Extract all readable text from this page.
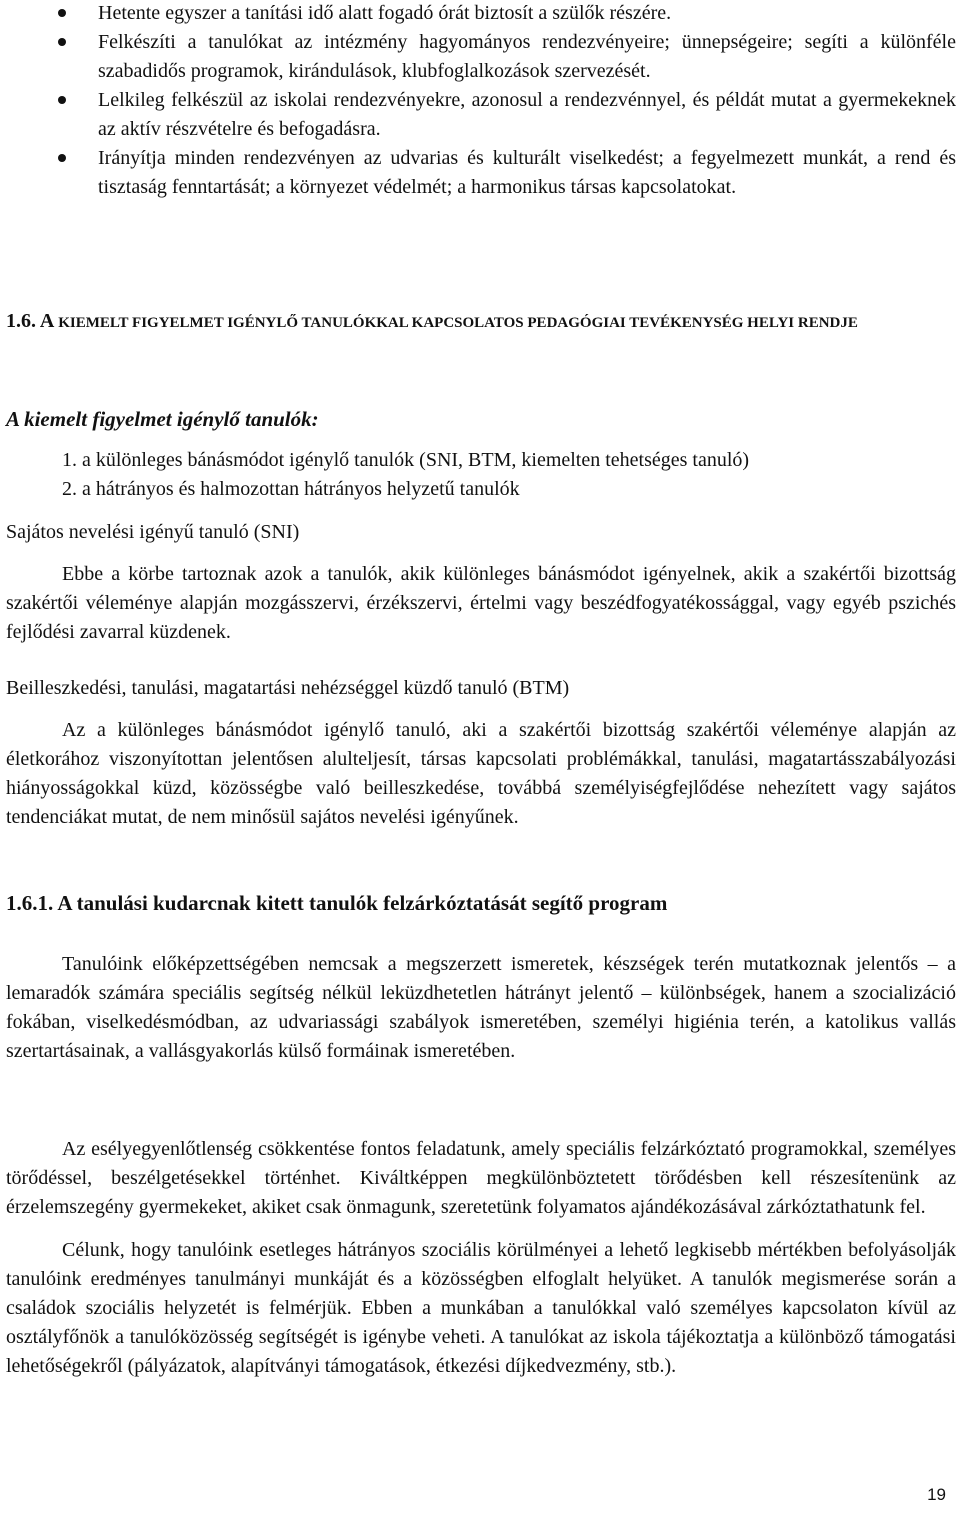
Hetente egyszer a tanítási idő alatt fogadó órát biztosít a szülők részére.

Felkészíti a tanulókat az intézmény hagyományos rendezvényeire; ünnepségeire; segíti a különféle szabadidős programok, kirándulások, klubfoglalkozások szervezését.

Lelkileg felkészül az iskolai rendezvényekre, azonosul a rendezvénnyel, és példát mutat a gyermekeknek az aktív részvételre és befogadásra.

Irányítja minden rendezvényen az udvarias és kulturált viselkedést; a fegyelmezett munkát, a rend és tisztaság fenntartását; a környezet védelmét; a harmonikus társas kapcsolatokat.

1.6. A KIEMELT FIGYELMET IGÉNYLŐ TANULÓKKAL KAPCSOLATOS PEDAGÓGIAI TEVÉKENYSÉG HELYI RENDJE

A kiemelt figyelmet igénylő tanulók:

1. a különleges bánásmódot igénylő tanulók (SNI, BTM, kiemelten tehetséges tanuló)
2. a hátrányos és halmozottan hátrányos helyzetű tanulók

Sajátos nevelési igényű tanuló (SNI)

Ebbe a körbe tartoznak azok a tanulók, akik különleges bánásmódot igényelnek, akik a szakértői bizottság szakértői véleménye alapján mozgásszervi, érzékszervi, értelmi vagy beszédfogyatékossággal, vagy egyéb pszichés fejlődési zavarral küzdenek.

Beilleszkedési, tanulási, magatartási nehézséggel küzdő tanuló (BTM)

Az a különleges bánásmódot igénylő tanuló, aki a szakértői bizottság szakértői véleménye alapján az életkorához viszonyítottan jelentősen alulteljesít, társas kapcsolati problémákkal, tanulási, magatartásszabályozási hiányosságokkal küzd, közösségbe való beilleszkedése, továbbá személyiségfejlődése nehezített vagy sajátos tendenciákat mutat, de nem minősül sajátos nevelési igényűnek.

1.6.1. A tanulási kudarcnak kitett tanulók felzárkóztatását segítő program

Tanulóink előképzettségében nemcsak a megszerzett ismeretek, készségek terén mutatkoznak jelentős – a lemaradók számára speciális segítség nélkül leküzdhetetlen hátrányt jelentő – különbségek, hanem a szocializáció fokában, viselkedésmódban, az udvariassági szabályok ismeretében, személyi higiénia terén, a katolikus vallás szertartásainak, a vallásgyakorlás külső formáinak ismeretében.

Az esélyegyenlőtlenség csökkentése fontos feladatunk, amely speciális felzárkóztató programokkal, személyes törődéssel, beszélgetésekkel történhet. Kiváltképpen megkülönböztetett törődésben kell részesítenünk az érzelemszegény gyermekeket, akiket csak önmagunk, szeretetünk folyamatos ajándékozásával zárkóztathatunk fel.

Célunk, hogy tanulóink esetleges hátrányos szociális körülményei a lehető legkisebb mértékben befolyásolják tanulóink eredményes tanulmányi munkáját és a közösségben elfoglalt helyüket. A tanulók megismerése során a családok szociális helyzetét is felmérjük. Ebben a munkában a tanulókkal való személyes kapcsolaton kívül az osztályfőnök a tanulóközösség segítségét is igénybe veheti. A tanulókat az iskola tájékoztatja a különböző támogatási lehetőségekről (pályázatok, alapítványi támogatások, étkezési díjkedvezmény, stb.).

19
